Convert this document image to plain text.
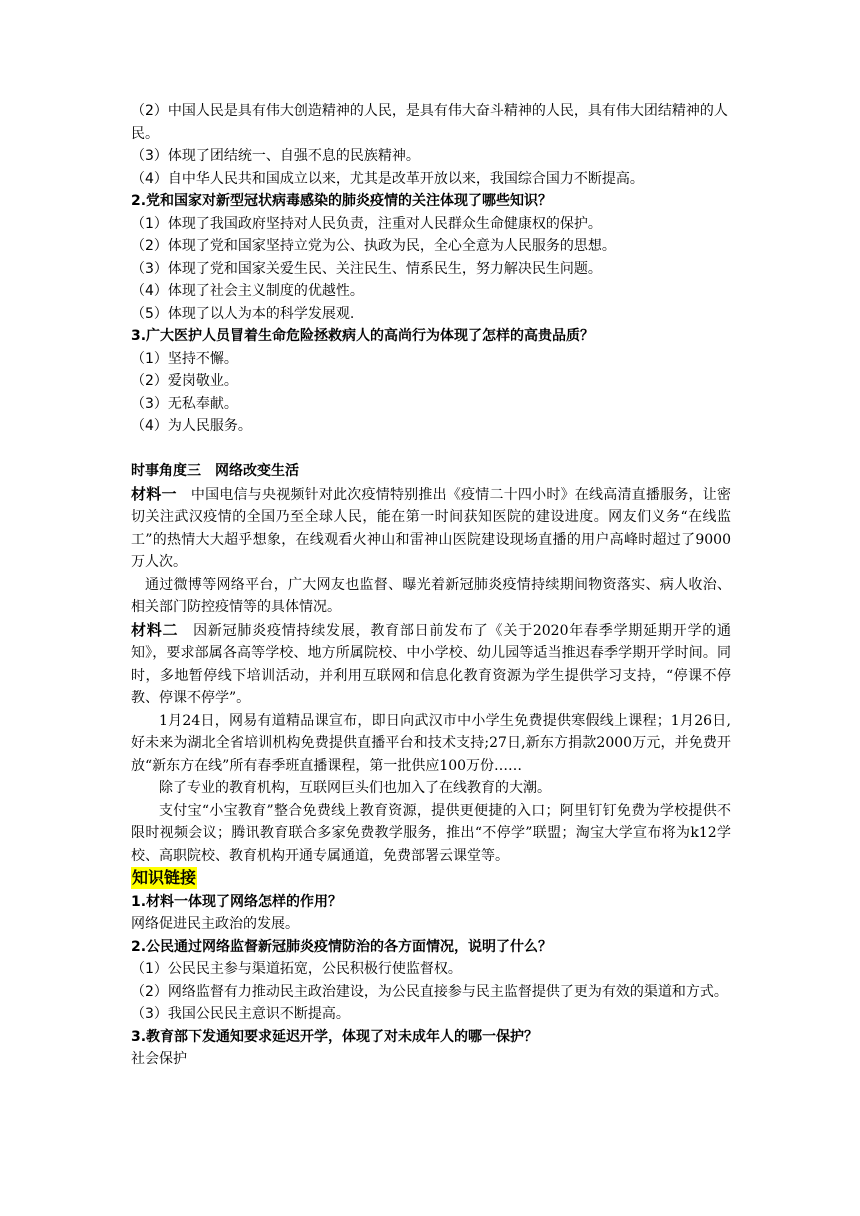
（2）中国人民是具有伟大创造精神的人民，是具有伟大奋斗精神的人民，具有伟大团结精神的人民。

（3）体现了团结统一、自强不息的民族精神。

（4）自中华人民共和国成立以来，尤其是改革开放以来，我国综合国力不断提高。

2.党和国家对新型冠状病毒感染的肺炎疫情的关注体现了哪些知识？

（1）体现了我国政府坚持对人民负责，注重对人民群众生命健康权的保护。

（2）体现了党和国家坚持立党为公、执政为民，全心全意为人民服务的思想。

（3）体现了党和国家关爱生民、关注民生、情系民生，努力解决民生问题。

（4）体现了社会主义制度的优越性。

（5）体现了以人为本的科学发展观.

3.广大医护人员冒着生命危险拯救病人的高尚行为体现了怎样的高贵品质？

（1）坚持不懈。

（2）爱岗敬业。

（3）无私奉献。

（4）为人民服务。

时事角度三　网络改变生活

材料一　中国电信与央视频针对此次疫情特别推出《疫情二十四小时》在线高清直播服务，让密切关注武汉疫情的全国乃至全球人民，能在第一时间获知医院的建设进度。网友们义务“在线监工”的热情大大超乎想象，在线观看火神山和雷神山医院建设现场直播的用户高峰时超过了9000万人次。

通过微博等网络平台，广大网友也监督、曝光着新冠肺炎疫情持续期间物资落实、病人收治、相关部门防控疫情等的具体情况。

材料二　因新冠肺炎疫情持续发展，教育部日前发布了《关于2020年春季学期延期开学的通知》，要求部属各高等学校、地方所属院校、中小学校、幼儿园等适当推迟春季学期开学时间。同时，多地暂停线下培训活动，并利用互联网和信息化教育资源为学生提供学习支持，“停课不停教、停课不停学”。

1月24日，网易有道精品课宣布，即日向武汉市中小学生免费提供寒假线上课程；1月26日,好未来为湖北全省培训机构免费提供直播平台和技术支持;27日,新东方捐款2000万元，并免费开放“新东方在线”所有春季班直播课程，第一批供应100万份……

除了专业的教育机构，互联网巨头们也加入了在线教育的大潮。

支付宝“小宝教育”整合免费线上教育资源，提供更便捷的入口；阿里钉钉免费为学校提供不限时视频会议；腾讯教育联合多家免费教学服务，推出“不停学”联盟；淘宝大学宣布将为k12学校、高职院校、教育机构开通专属通道，免费部署云课堂等。

知识链接

1.材料一体现了网络怎样的作用？

网络促进民主政治的发展。

2.公民通过网络监督新冠肺炎疫情防治的各方面情况，说明了什么？

（1）公民民主参与渠道拓宽，公民积极行使监督权。

（2）网络监督有力推动民主政治建设，为公民直接参与民主监督提供了更为有效的渠道和方式。

（3）我国公民民主意识不断提高。

3.教育部下发通知要求延迟开学，体现了对未成年人的哪一保护？

社会保护
